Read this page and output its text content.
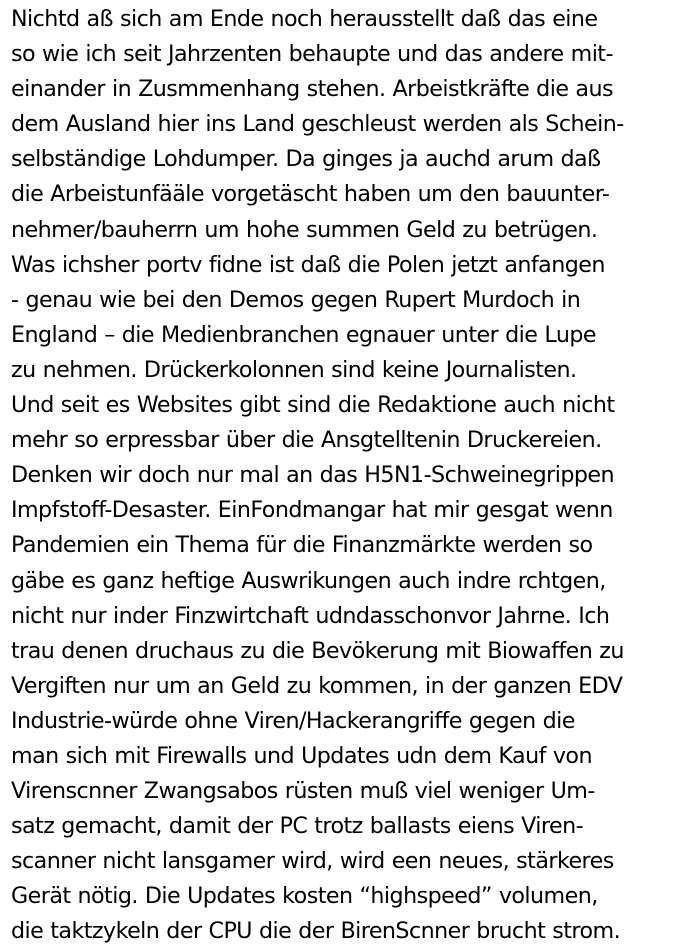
Nichtd aß sich am Ende noch herausstellt daß das eine
so wie ich seit Jahrzenten behaupte und das andere mit-
einander in Zusmmenhang stehen. Arbeistkräfte die aus
dem Ausland hier ins Land geschleust werden als Schein-
selbständige Lohdumper. Da ginges ja auchd arum daß
die Arbeistunfääle vorgetäscht haben um den bauunter-
nehmer/bauherrn um hohe summen Geld zu betrügen.
Was ichsher portv fidne ist daß die Polen jetzt anfangen
- genau wie bei den Demos gegen Rupert Murdoch in
England – die Medienbranchen egnauer unter die Lupe
zu nehmen. Drückerkolonnen sind keine Journalisten.
Und seit es Websites gibt sind die Redaktione auch nicht
mehr so erpressbar über die Ansgtelltenin Druckereien.
Denken wir doch nur mal an das H5N1-Schweinegrippen
Impfstoff-Desaster. EinFondmangar hat mir gesgat wenn
Pandemien ein Thema für die Finanzmärkte werden so
gäbe es ganz heftige Auswrikungen auch indre rchtgen,
nicht nur inder Finzwirtchaft udndasschonvor Jahrne. Ich
trau denen druchaus zu die Bevökerung mit Biowaffen zu
Vergiften nur um an Geld zu kommen, in der ganzen EDV
Industrie-würde ohne Viren/Hackerangriffe gegen die
man sich mit Firewalls und Updates udn dem Kauf von
Virenscnner Zwangsabos rüsten muß viel weniger Um-
satz gemacht, damit der PC trotz ballasts eiens Viren-
scanner nicht lansgamer wird, wird een neues, stärkeres
Gerät nötig. Die Updates kosten “highspeed” volumen,
die taktzykeln der CPU die der BirenScnner brucht strom.
